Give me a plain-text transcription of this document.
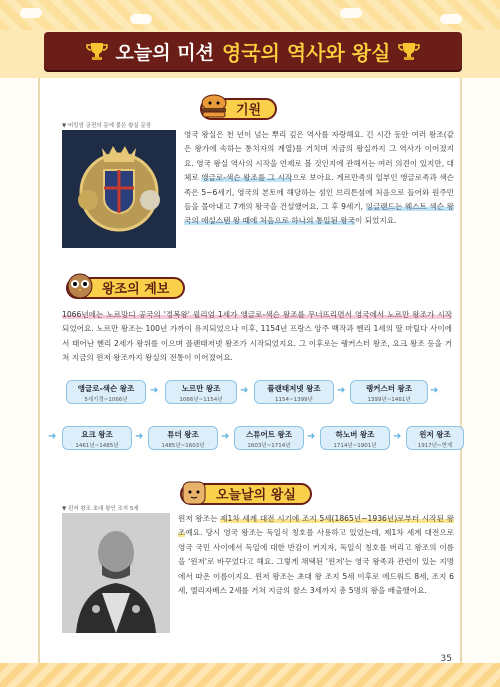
오늘의 미션 영국의 역사와 왕실
기원
▼ 버킹엄 궁전의 문에 붙은 왕실 문장
영국 왕실은 천 년이 넘는 뿌리 깊은 역사를 자랑해요. 긴 시간 동안 여러 왕조(같은 왕가에 속하는 통치자의 계열)를 거치며 지금의 왕실까지 그 역사가 이어졌지요. 영국 왕실 역사의 시작을 언제로 볼 것인지에 관해서는 여러 의견이 있지만, 대체로 앵글로-색슨 왕조를 그 시작으로 보아요. 게르만족의 일부인 앵글로족과 색슨족은 5~6세기, 영국의 본토에 해당하는 섬인 브리튼섬에 처음으로 들어와 원주민들을 몰아내고 7개의 왕국을 건설했어요. 그 후 9세기, 잉글랜드는 웨스트 색슨 왕국의 애설스탠 왕 때에 처음으로 하나의 통일된 왕국이 되었지요.
왕조의 계보
1066년에는 노르망디 공국의 '정복왕' 윌리엄 1세가 앵글로-색슨 왕조를 무너뜨리면서 영국에서 노르만 왕조가 시작되었어요. 노르만 왕조는 100년 가까이 유지되었으나 이후, 1154년 프랑스 앙주 백작과 헨리 1세의 딸 마틸다 사이에서 태어난 헨리 2세가 왕위를 이으며 플랜태저넷 왕조가 시작되었지요. 그 이후로는 랭커스터 왕조, 요크 왕조 등을 거쳐 지금의 윈저 왕조까지 왕실의 전통이 이어졌어요.
앵글로-색슨 왕조
5세기경~1066년
➜	노르만 왕조
1066년~1154년
➜	플랜태저넷 왕조
1154~1399년
➜	랭커스터 왕조
1399년~1461년
➜
➜	요크 왕조
1461년~1485년
➜	튜더 왕조
1485년~1603년
➜	스튜어트 왕조
1603년~1714년
➜	하노버 왕조
1714년~1901년
➜	윈저 왕조
1917년~현재
오늘날의 왕실
▼ 윈저 왕조 초대 왕인 조지 5세
윈저 왕조는 제1차 세계 대전 시기에 조지 5세(1865년~1936년)로부터 시작된 왕조예요. 당시 영국 왕조는 독일식 칭호를 사용하고 있었는데, 제1차 세계 대전으로 영국 국민 사이에서 독일에 대한 반감이 커지자, 독일식 칭호를 버리고 왕조의 이름을 '윈저'로 바꾸었다고 해요. 그렇게 채택된 '윈저'는 영국 왕족과 관련이 있는 지명에서 따온 이름이지요. 윈저 왕조는 초대 왕 조지 5세 이후로 에드워드 8세, 조지 6세, 엘리자베스 2세를 거쳐 지금의 찰스 3세까지 총 5명의 왕을 배출했어요.
35
